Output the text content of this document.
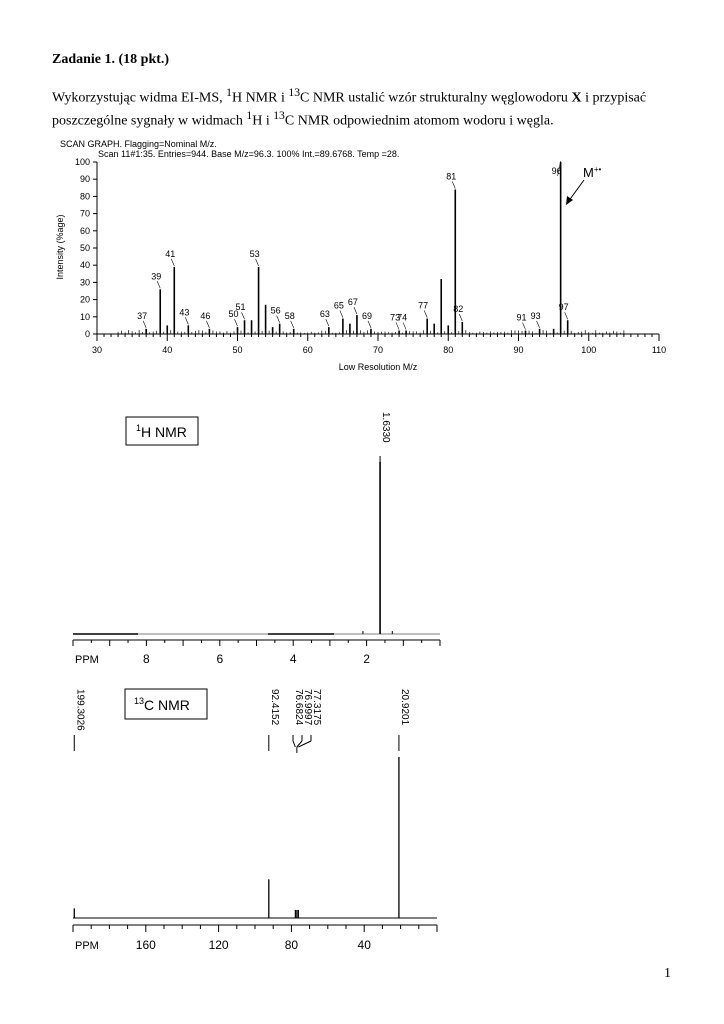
Zadanie 1. (18 pkt.)
Wykorzystując widma EI-MS, $^1$H NMR i $^{13}$C NMR ustalić wzór strukturalny węglowodoru X i przypisać poszczególne sygnały w widmach $^1$H i $^{13}$C NMR odpowiednim atomom wodoru i węgla.
SCAN GRAPH. Flagging=Nominal M/z.
Scan 11#1:35. Entries=944. Base M/z=96.3. 100% Int.=89.6768. Temp =28.
Intensity (%age)
Low Resolution M/z
0
10
20
30
40
50
60
70
80
90
100
30	40	50	60	70	80	90	100	110
37
39
41
43 46 50
51
53
56
58	63
65 67
69 73
74
77
81
82
91 93
96
97
M+•
$^1$H NMR
PPM	8	6	4	2
1.6330
$^{13}$C NMR
PPM	160	120	80	40
199.3026	92.4152	20.9201
76.6824
76.9997
77.3175
1
